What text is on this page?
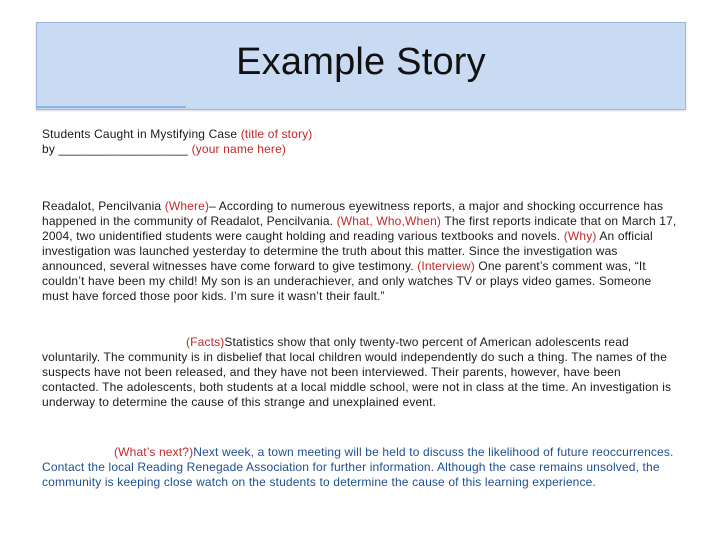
Example Story
Students Caught in Mystifying Case (title of story)
by ___________________ (your name here)
Readalot, Pencilvania (Where)– According to numerous eyewitness reports, a major and shocking occurrence has happened in the community of Readalot, Pencilvania. (What, Who,When) The first reports indicate that on March 17, 2004, two unidentified students were caught holding and reading various textbooks and novels. (Why) An official investigation was launched yesterday to determine the truth about this matter. Since the investigation was announced, several witnesses have come forward to give testimony. (Interview) One parent’s comment was, “It couldn’t have been my child! My son is an underachiever, and only watches TV or plays video games. Someone must have forced those poor kids. I’m sure it wasn’t their fault.”
(Facts)Statistics show that only twenty-two percent of American adolescents read voluntarily. The community is in disbelief that local children would independently do such a thing. The names of the suspects have not been released, and they have not been interviewed. Their parents, however, have been contacted. The adolescents, both students at a local middle school, were not in class at the time. An investigation is underway to determine the cause of this strange and unexplained event.
(What’s next?)Next week, a town meeting will be held to discuss the likelihood of future reoccurrences. Contact the local Reading Renegade Association for further information. Although the case remains unsolved, the community is keeping close watch on the students to determine the cause of this learning experience.
